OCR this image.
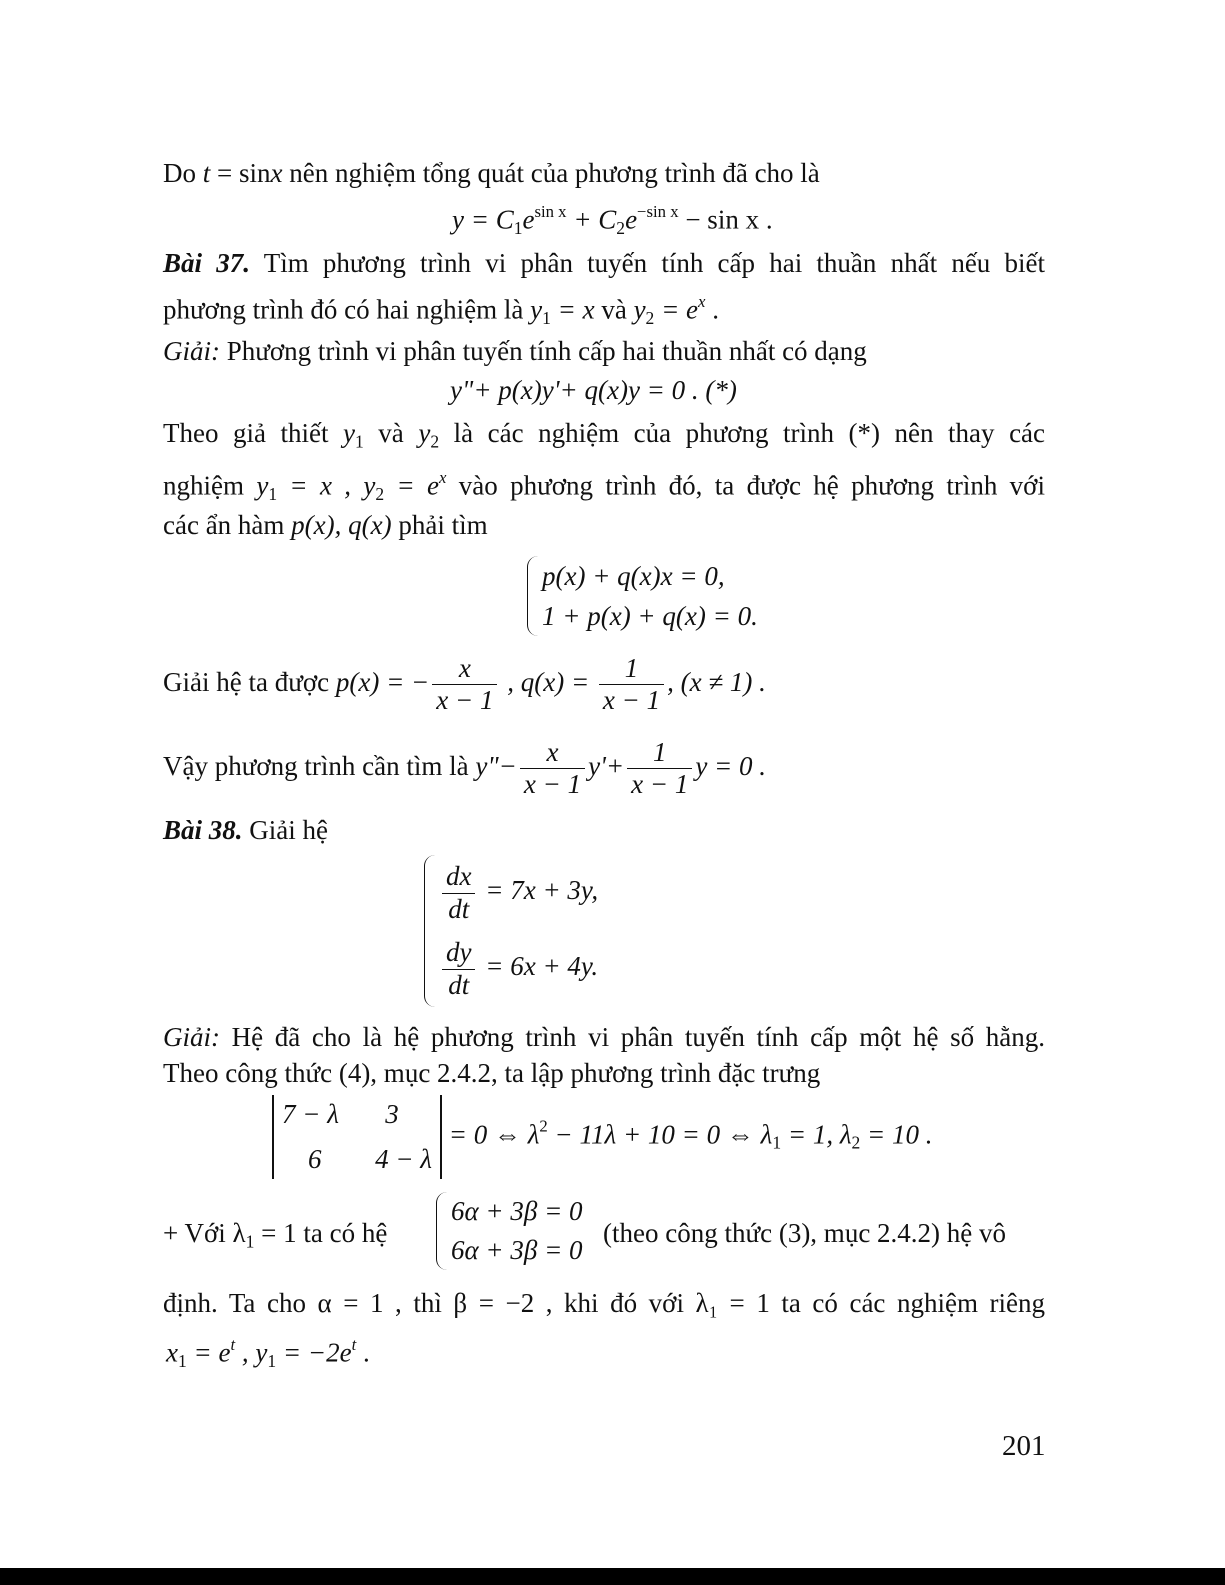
Do t = sinx nên nghiệm tổng quát của phương trình đã cho là
$y = C_1e^{sin x} + C_2e^{-sin x} - \sin x$ .
Bài 37. Tìm phương trình vi phân tuyến tính cấp hai thuần nhất nếu biết
phương trình đó có hai nghiệm là $y_1 = x$ và $y_2 = e^x$ .
Giải: Phương trình vi phân tuyến tính cấp hai thuần nhất có dạng
y"+ p(x)y'+ q(x)y = 0 . (*)
Theo giả thiết $y_1$ và $y_2$ là các nghiệm của phương trình (*) nên thay các
nghiệm $y_1 = x$ , $y_2 = e^x$ vào phương trình đó, ta được hệ phương trình với
các ẩn hàm p(x), q(x) phải tìm
p(x) + q(x)x = 0,
1 + p(x) + q(x) = 0.
Giải hệ ta được p(x) = − $\frac{x}{x - 1}$ , $q(x) = \frac{1}{x - 1}$ , (x ≠ 1) .
Vậy phương trình cần tìm là y"− $\frac{x}{x - 1} y'+ \frac{1}{x - 1}$ y = 0 .
Bài 38. Giải hệ
$\frac{dx}{dt} = 7x + 3y$,
$\frac{dy}{dt} = 6x + 4y$.
Giải: Hệ đã cho là hệ phương trình vi phân tuyến tính cấp một hệ số hằng.
Theo công thức (4), mục 2.4.2, ta lập phương trình đặc trưng
7 − λ	3
6	4 − λ
= 0 ⇔ $\lambda^2 - 11\lambda + 10 = 0$ ⇔ $\lambda_1 = 1$, $\lambda_2 = 10$ .
+ Với $\lambda_1 = 1$ ta có hệ
6α + 3β = 0
6α + 3β = 0
(theo công thức (3), mục 2.4.2) hệ vô
định. Ta cho α = 1 , thì β = −2 , khi đó với λ₁ = 1 ta có các nghiệm riêng
$x_1 = e^t$ , $y_1 = -2e^t$ .
201
